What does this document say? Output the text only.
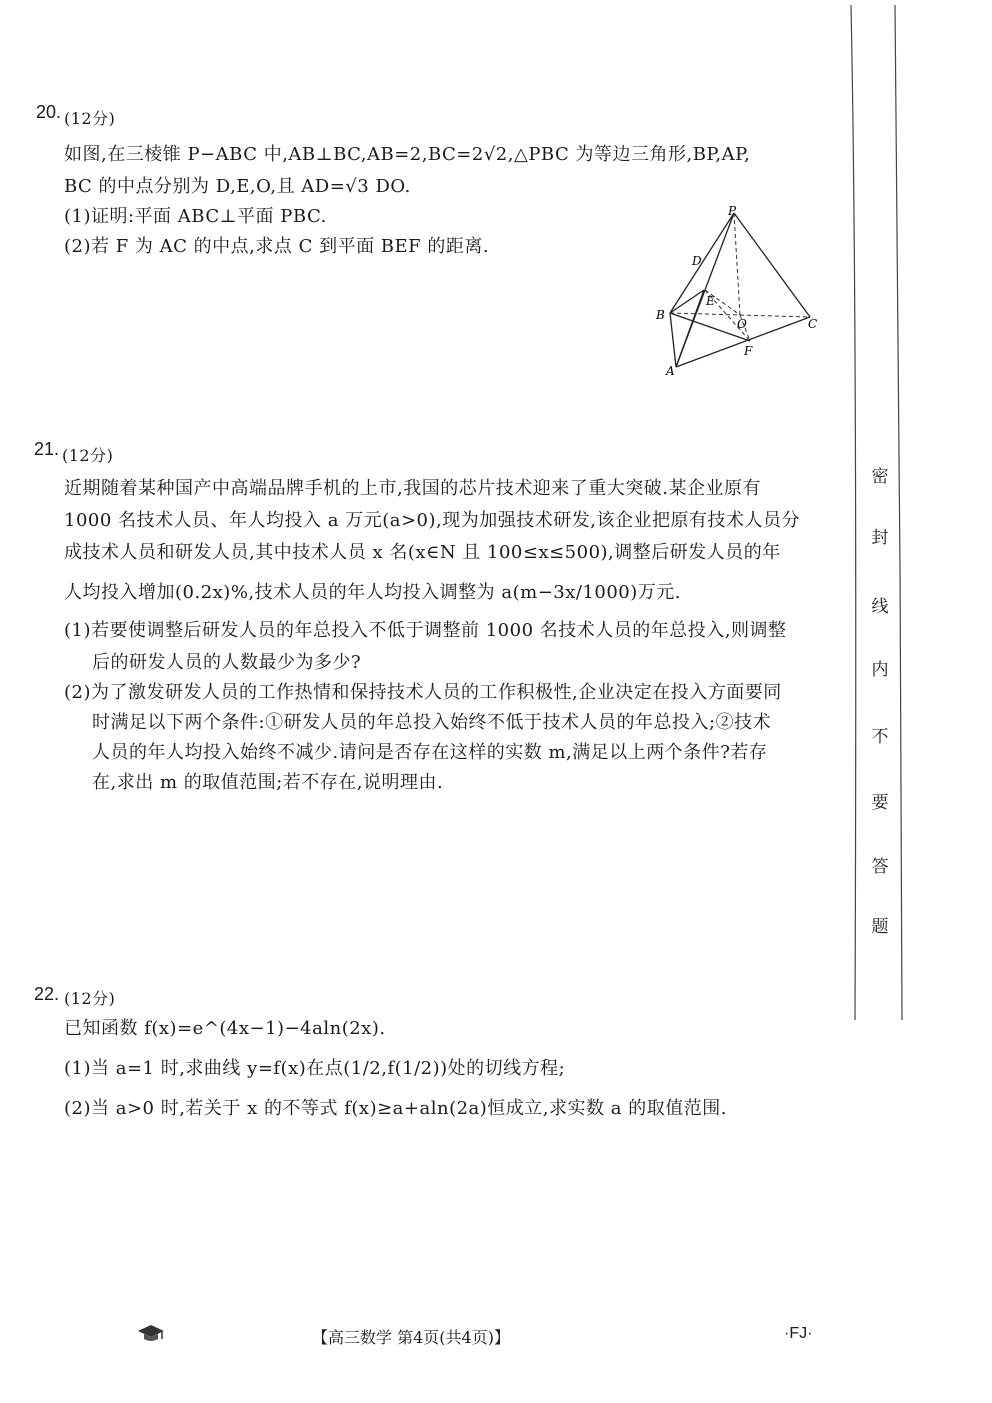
密
封
线
内
不
要
答
题
20. (12分)
如图,在三棱锥 P−ABC 中,AB⊥BC,AB=2,BC=2√2,△PBC 为等边三角形,BP,AP,
BC 的中点分别为 D,E,O,且 AD=√3 DO.
(1)证明:平面 ABC⊥平面 PBC.
(2)若 F 为 AC 的中点,求点 C 到平面 BEF 的距离.
P
D
E
B
O	C
F
A
21. (12分)
近期随着某种国产中高端品牌手机的上市,我国的芯片技术迎来了重大突破.某企业原有
1000 名技术人员、年人均投入 a 万元(a>0),现为加强技术研发,该企业把原有技术人员分
成技术人员和研发人员,其中技术人员 x 名(x∈N 且 100≤x≤500),调整后研发人员的年
人均投入增加(0.2x)%,技术人员的年人均投入调整为 a(m−3x/1000)万元.
(1)若要使调整后研发人员的年总投入不低于调整前 1000 名技术人员的年总投入,则调整
后的研发人员的人数最少为多少?
(2)为了激发研发人员的工作热情和保持技术人员的工作积极性,企业决定在投入方面要同
时满足以下两个条件:①研发人员的年总投入始终不低于技术人员的年总投入;②技术
人员的年人均投入始终不减少.请问是否存在这样的实数 m,满足以上两个条件?若存
在,求出 m 的取值范围;若不存在,说明理由.
22. (12分)
已知函数 f(x)=e^(4x−1)−4aln(2x).
(1)当 a=1 时,求曲线 y=f(x)在点(1/2,f(1/2))处的切线方程;
(2)当 a>0 时,若关于 x 的不等式 f(x)≥a+aln(2a)恒成立,求实数 a 的取值范围.
【高三数学 第4页(共4页)】	·FJ·
